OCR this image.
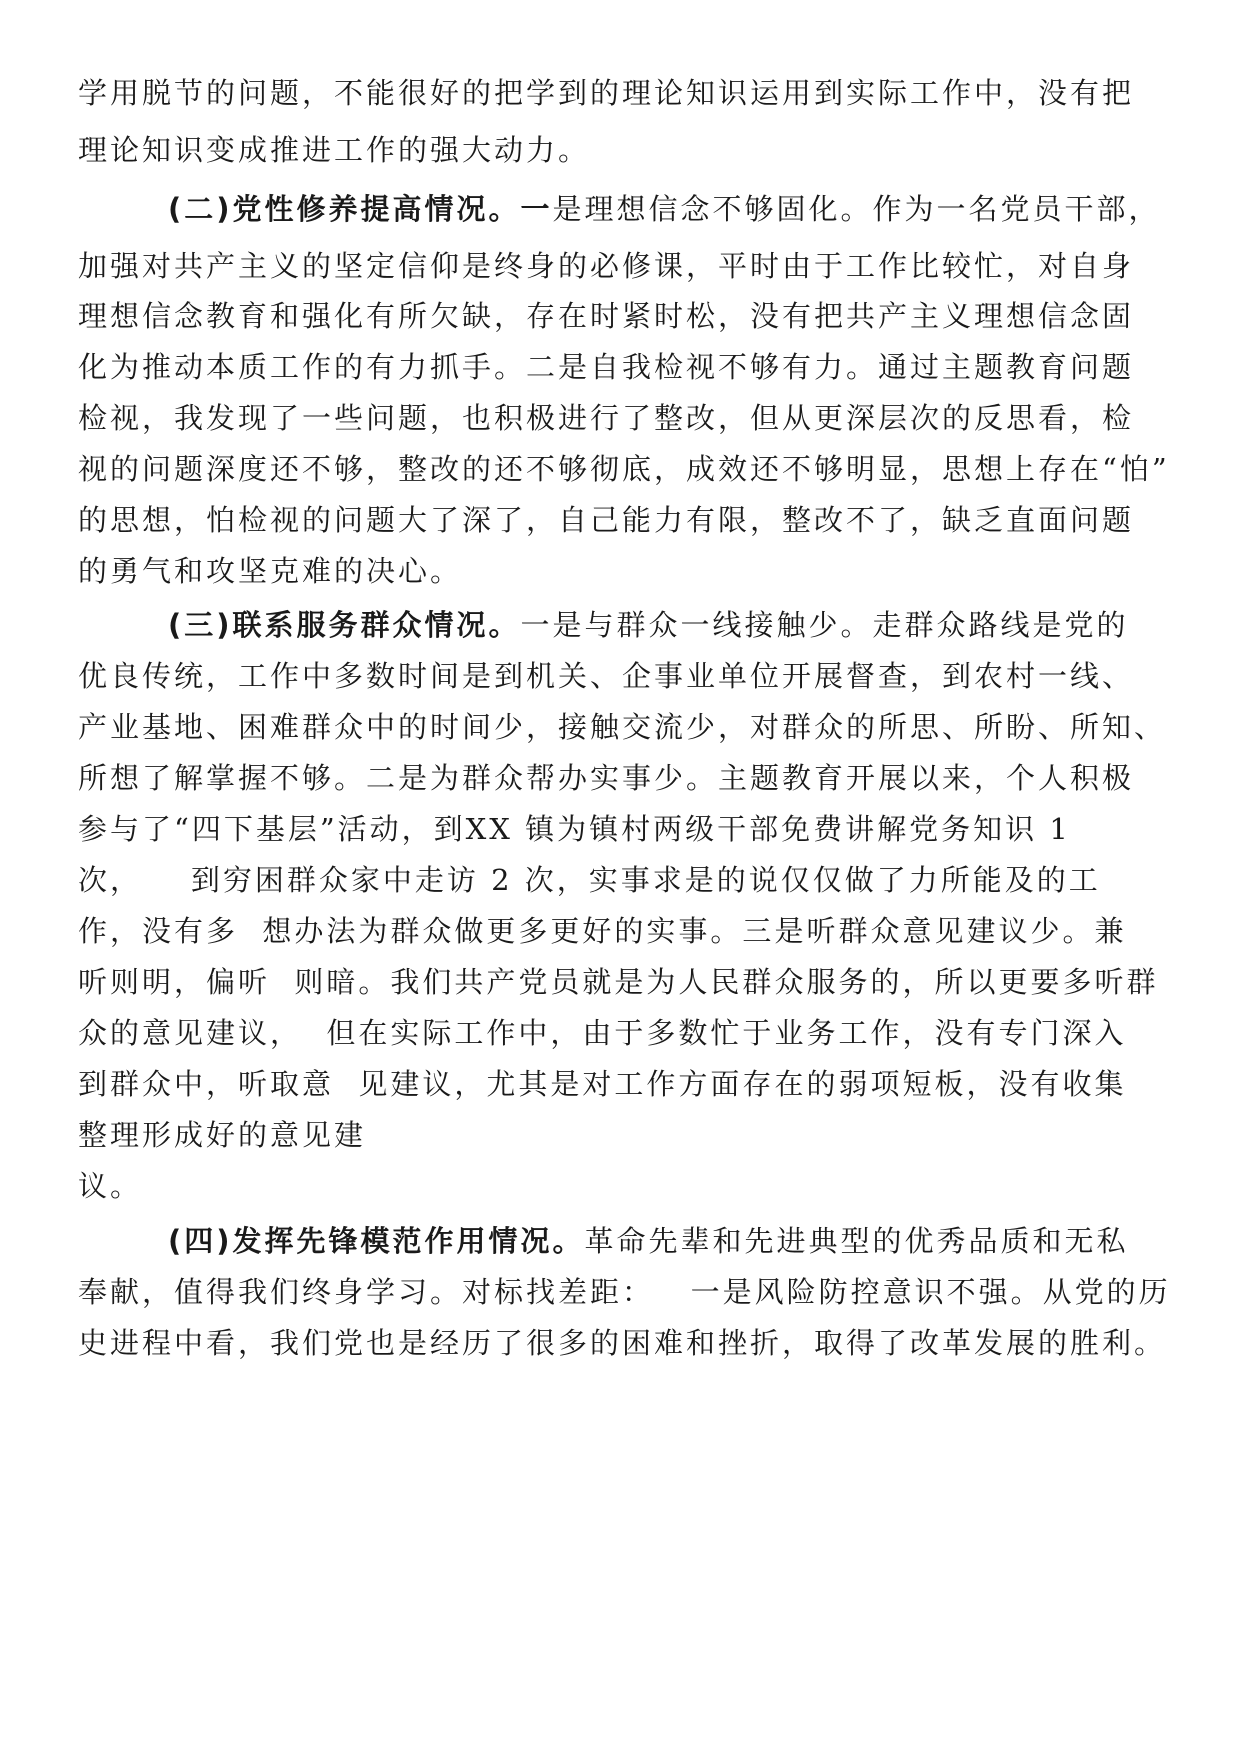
学用脱节的问题，不能很好的把学到的理论知识运用到实际工作中，没有把
理论知识变成推进工作的强大动力。
(二)党性修养提高情况。一是理想信念不够固化。作为一名党员干部，
加强对共产主义的坚定信仰是终身的必修课，平时由于工作比较忙，对自身
理想信念教育和强化有所欠缺，存在时紧时松，没有把共产主义理想信念固
化为推动本质工作的有力抓手。二是自我检视不够有力。通过主题教育问题
检视，我发现了一些问题，也积极进行了整改，但从更深层次的反思看，检
视的问题深度还不够，整改的还不够彻底，成效还不够明显，思想上存在“怕”
的思想，怕检视的问题大了深了，自己能力有限，整改不了，缺乏直面问题
的勇气和攻坚克难的决心。
(三)联系服务群众情况。一是与群众一线接触少。走群众路线是党的
优良传统，工作中多数时间是到机关、企事业单位开展督查，到农村一线、
产业基地、困难群众中的时间少，接触交流少，对群众的所思、所盼、所知、
所想了解掌握不够。二是为群众帮办实事少。主题教育开展以来，个人积极
参与了“四下基层”活动，到XX 镇为镇村两级干部免费讲解党务知识 1
次，    到穷困群众家中走访 2 次，实事求是的说仅仅做了力所能及的工
作，没有多  想办法为群众做更多更好的实事。三是听群众意见建议少。兼
听则明，偏听  则暗。我们共产党员就是为人民群众服务的，所以更要多听群
众的意见建议，  但在实际工作中，由于多数忙于业务工作，没有专门深入
到群众中，听取意  见建议，尤其是对工作方面存在的弱项短板，没有收集
整理形成好的意见建
议。
(四)发挥先锋模范作用情况。革命先辈和先进典型的优秀品质和无私
奉献，值得我们终身学习。对标找差距：   一是风险防控意识不强。从党的历
史进程中看，我们党也是经历了很多的困难和挫折，取得了改革发展的胜利。
